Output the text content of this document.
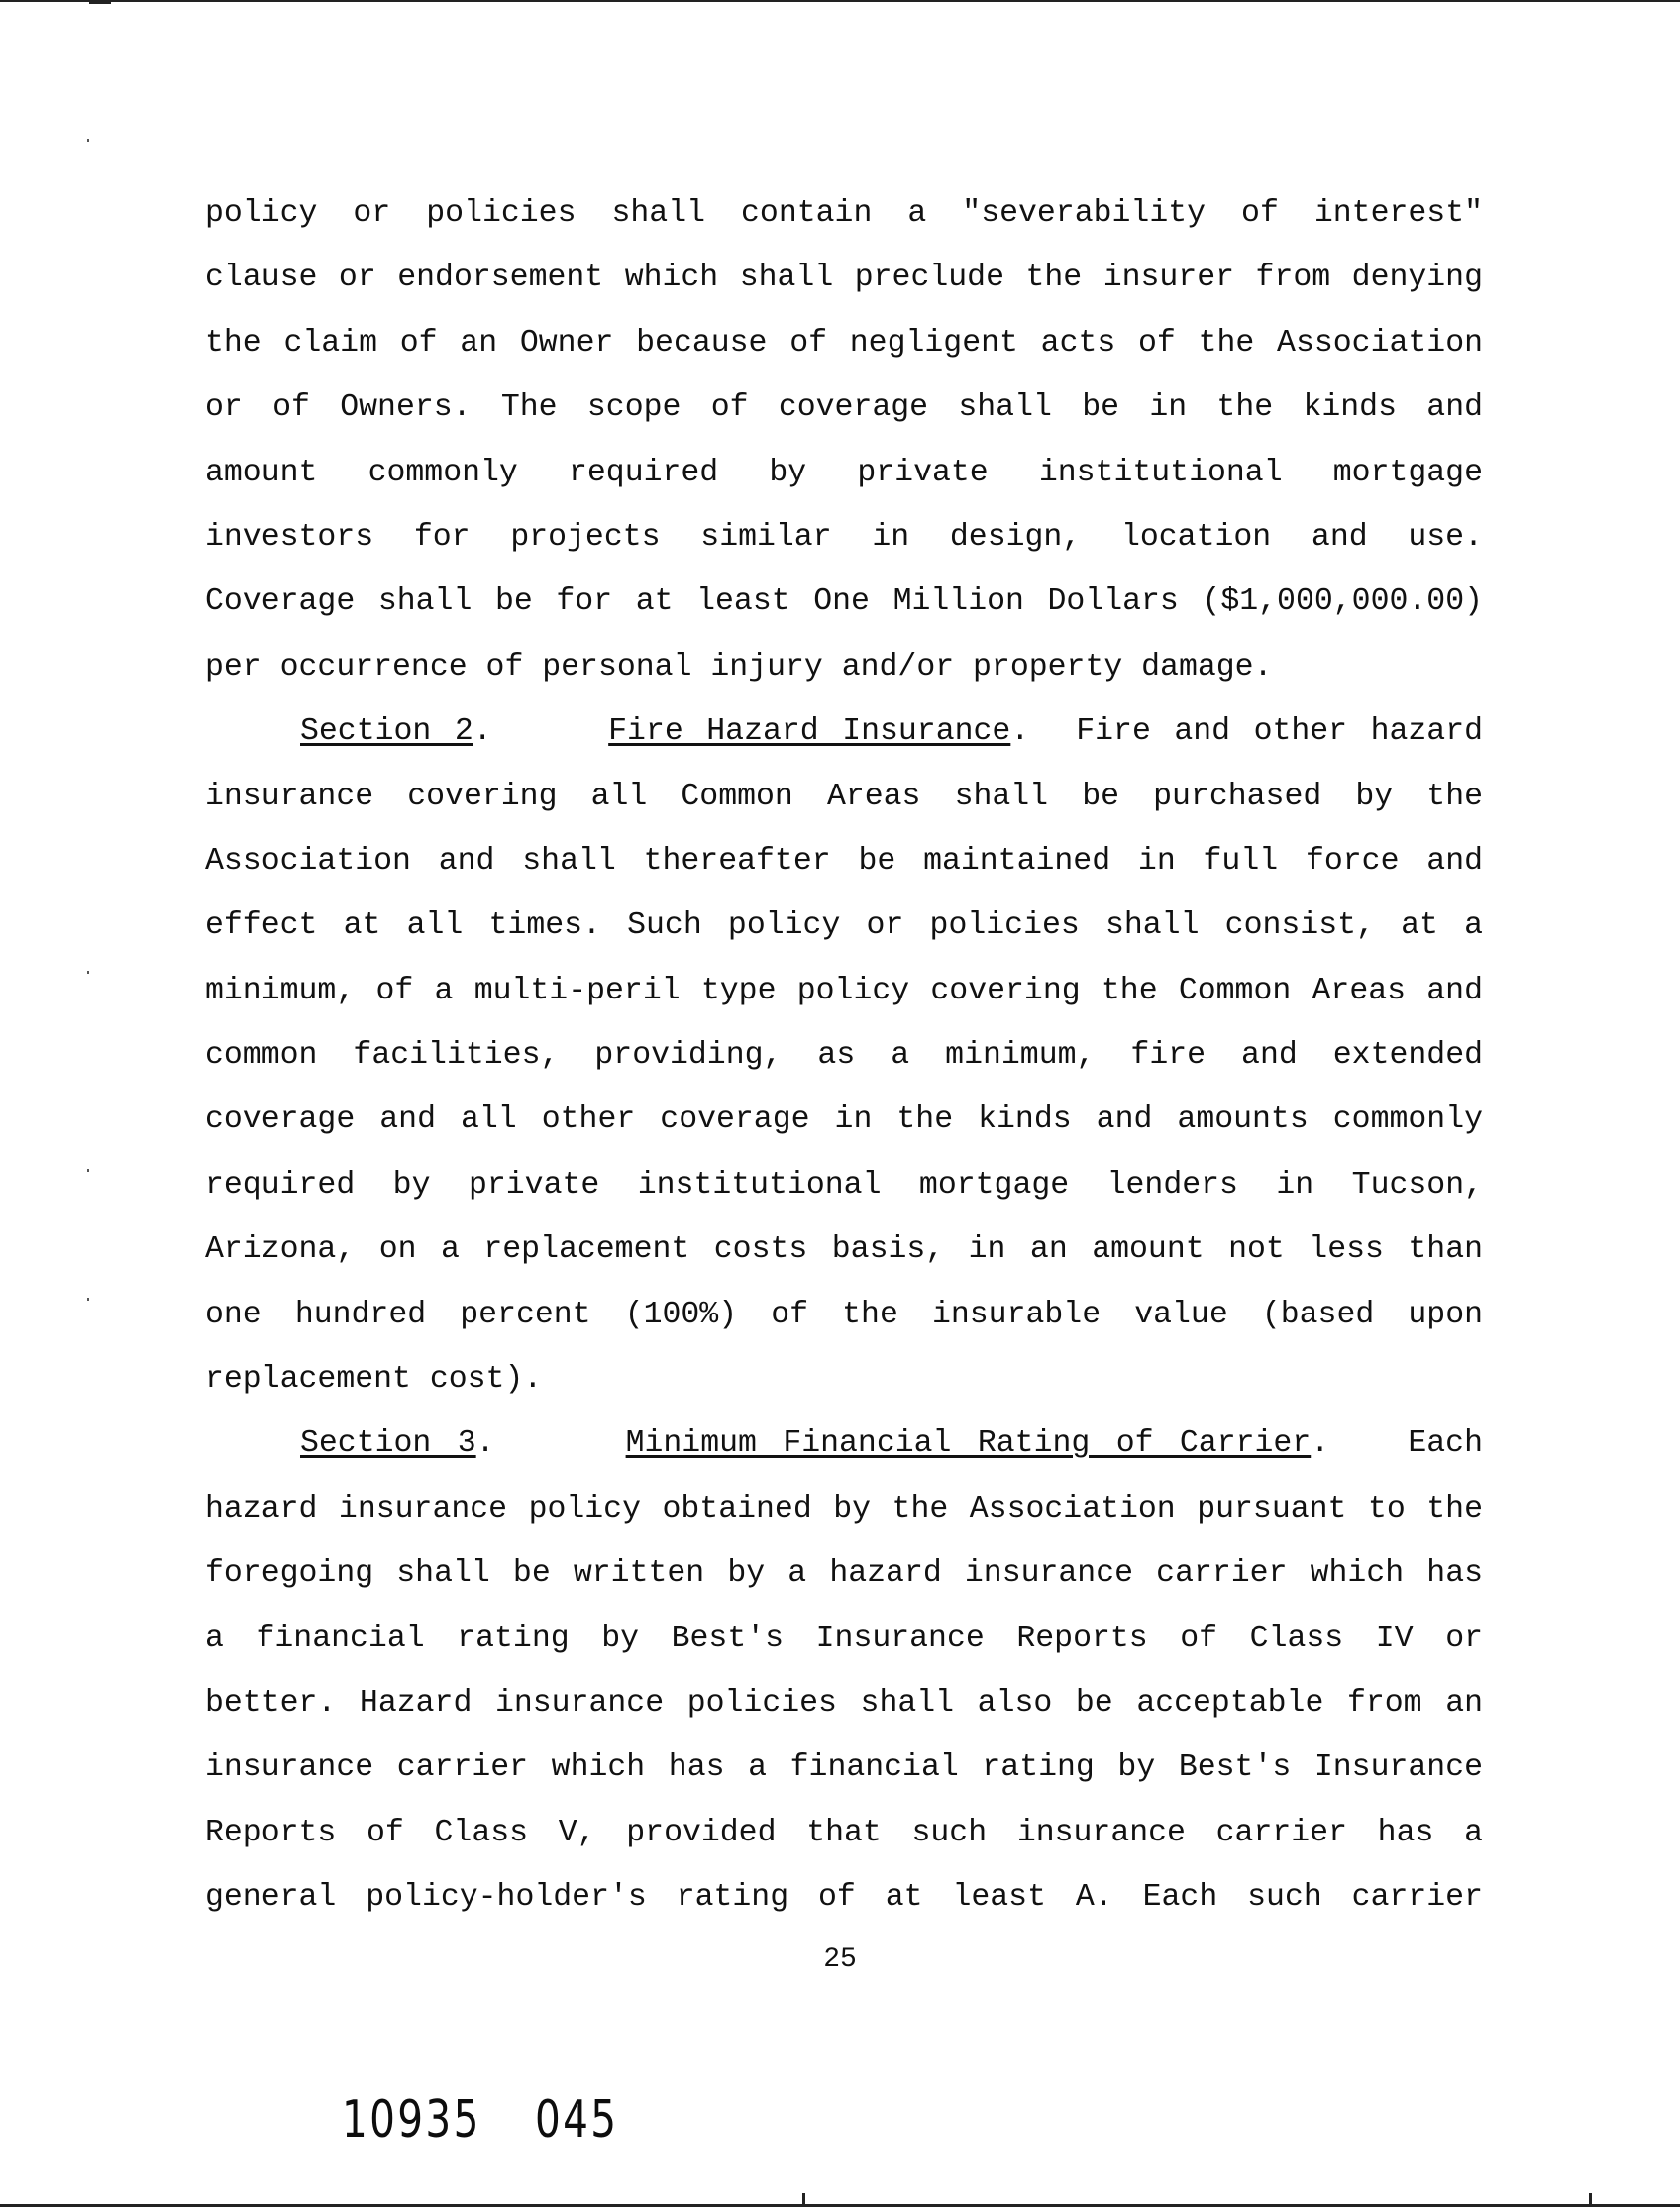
policy or policies shall contain a "severability of interest"
clause or endorsement which shall preclude the insurer from denying
the claim of an Owner because of negligent acts of the Association
or of Owners. The scope of coverage shall be in the kinds and
amount commonly required by private institutional mortgage
investors for projects similar in design, location and use.
Coverage shall be for at least One Million Dollars ($1,000,000.00)
per occurrence of personal injury and/or property damage.
Section 2.     Fire Hazard Insurance.  Fire and other hazard
insurance covering all Common Areas shall be purchased by the
Association and shall thereafter be maintained in full force and
effect at all times. Such policy or policies shall consist, at a
minimum, of a multi-peril type policy covering the Common Areas and
common facilities, providing, as a minimum, fire and extended
coverage and all other coverage in the kinds and amounts commonly
required by private institutional mortgage lenders in Tucson,
Arizona, on a replacement costs basis, in an amount not less than
one hundred percent (100%) of the insurable value (based upon
replacement cost).
Section 3.     Minimum Financial Rating of Carrier.   Each
hazard insurance policy obtained by the Association pursuant to the
foregoing shall be written by a hazard insurance carrier which has
a financial rating by Best's Insurance Reports of Class IV or
better. Hazard insurance policies shall also be acceptable from an
insurance carrier which has a financial rating by Best's Insurance
Reports of Class V, provided that such insurance carrier has a
general policy-holder's rating of at least A. Each such carrier
25
10935 045
